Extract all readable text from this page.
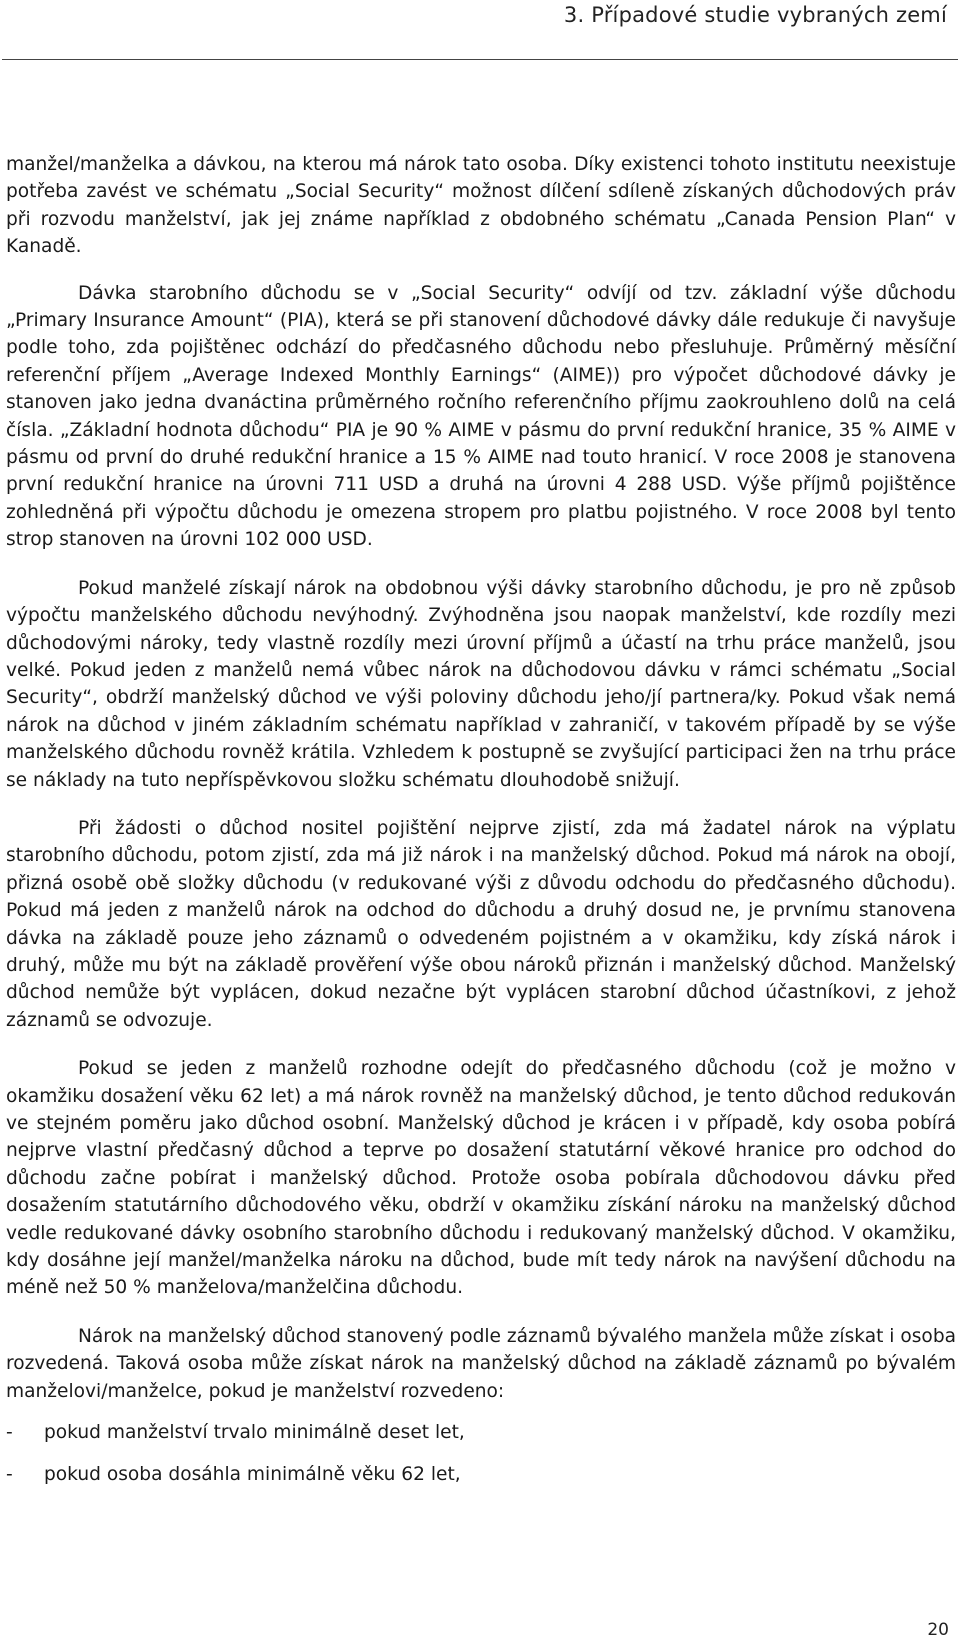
3. Případové studie vybraných zemí

manžel/manželka a dávkou, na kterou má nárok tato osoba. Díky existenci tohoto institutu neexistuje potřeba zavést ve schématu „Social Security“ možnost dílčení sdíleně získaných důchodových práv při rozvodu manželství, jak jej známe například z obdobného schématu „Canada Pension Plan“ v Kanadě.

Dávka starobního důchodu se v „Social Security“ odvíjí od tzv. základní výše důchodu „Primary Insurance Amount“ (PIA), která se při stanovení důchodové dávky dále redukuje či navyšuje podle toho, zda pojištěnec odchází do předčasného důchodu nebo přesluhuje. Průměrný měsíční referenční příjem „Average Indexed Monthly Earnings“ (AIME)) pro výpočet důchodové dávky je stanoven jako jedna dvanáctina průměrného ročního referenčního příjmu zaokrouhleno dolů na celá čísla. „Základní hodnota důchodu“ PIA je 90 % AIME v pásmu do první redukční hranice, 35 % AIME v pásmu od první do druhé redukční hranice a 15 % AIME nad touto hranicí. V roce 2008 je stanovena první redukční hranice na úrovni 711 USD a druhá na úrovni 4 288 USD. Výše příjmů pojištěnce zohledněná při výpočtu důchodu je omezena stropem pro platbu pojistného. V roce 2008 byl tento strop stanoven na úrovni 102 000 USD.

Pokud manželé získají nárok na obdobnou výši dávky starobního důchodu, je pro ně způsob výpočtu manželského důchodu nevýhodný. Zvýhodněna jsou naopak manželství, kde rozdíly mezi důchodovými nároky, tedy vlastně rozdíly mezi úrovní příjmů a účastí na trhu práce manželů, jsou velké. Pokud jeden z manželů nemá vůbec nárok na důchodovou dávku v rámci schématu „Social Security“, obdrží manželský důchod ve výši poloviny důchodu jeho/jí partnera/ky. Pokud však nemá nárok na důchod v jiném základním schématu například v zahraničí, v takovém případě by se výše manželského důchodu rovněž krátila. Vzhledem k postupně se zvyšující participaci žen na trhu práce se náklady na tuto nepříspěvkovou složku schématu dlouhodobě snižují.

Při žádosti o důchod nositel pojištění nejprve zjistí, zda má žadatel nárok na výplatu starobního důchodu, potom zjistí, zda má již nárok i na manželský důchod. Pokud má nárok na obojí, přizná osobě obě složky důchodu (v redukované výši z důvodu odchodu do předčasného důchodu). Pokud má jeden z manželů nárok na odchod do důchodu a druhý dosud ne, je prvnímu stanovena dávka na základě pouze jeho záznamů o odvedeném pojistném a v okamžiku, kdy získá nárok i druhý, může mu být na základě prověření výše obou nároků přiznán i manželský důchod. Manželský důchod nemůže být vyplácen, dokud nezačne být vyplácen starobní důchod účastníkovi, z jehož záznamů se odvozuje.

Pokud se jeden z manželů rozhodne odejít do předčasného důchodu (což je možno v okamžiku dosažení věku 62 let) a má nárok rovněž na manželský důchod, je tento důchod redukován ve stejném poměru jako důchod osobní. Manželský důchod je krácen i v případě, kdy osoba pobírá nejprve vlastní předčasný důchod a teprve po dosažení statutární věkové hranice pro odchod do důchodu začne pobírat i manželský důchod. Protože osoba pobírala důchodovou dávku před dosažením statutárního důchodového věku, obdrží v okamžiku získání nároku na manželský důchod vedle redukované dávky osobního starobního důchodu i redukovaný manželský důchod. V okamžiku, kdy dosáhne její manžel/manželka nároku na důchod, bude mít tedy nárok na navýšení důchodu na méně než 50 % manželova/manželčina důchodu.

Nárok na manželský důchod stanovený podle záznamů bývalého manžela může získat i osoba rozvedená. Taková osoba může získat nárok na manželský důchod na základě záznamů po bývalém manželovi/manželce, pokud je manželství rozvedeno:

-	pokud manželství trvalo minimálně deset let,
-	pokud osoba dosáhla minimálně věku 62 let,
20
